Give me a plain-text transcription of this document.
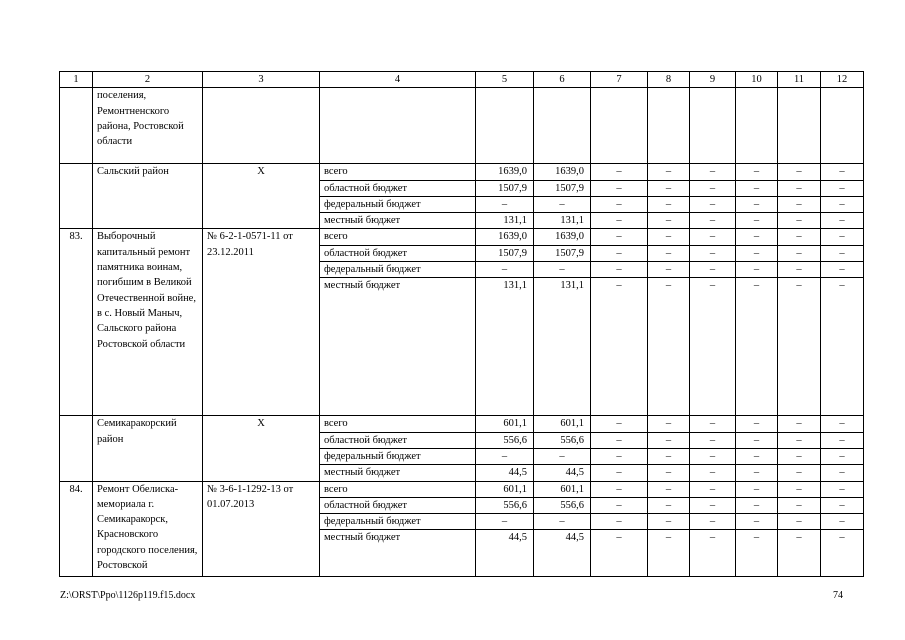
1	2	3	4	5	6	7	8	9	10	11	12
	поселения, Ремонтненского района, Ростовской области										
	Сальский район	Х	всего	1639,0	1639,0	–	–	–	–	–	–
			областной бюджет	1507,9	1507,9	–	–	–	–	–	–
			федеральный бюджет	–	–	–	–	–	–	–	–
			местный бюджет	131,1	131,1	–	–	–	–	–	–
83.	Выборочный капитальный ремонт памятника воинам, погибшим в Великой Отечественной войне, в с. Новый Маныч, Сальского района Ростовской области	№ 6-2-1-0571-11 от 23.12.2011	всего	1639,0	1639,0	–	–	–	–	–	–
			областной бюджет	1507,9	1507,9	–	–	–	–	–	–
			федеральный бюджет	–	–	–	–	–	–	–	–
			местный бюджет	131,1	131,1	–	–	–	–	–	–
	Семикаракорский район	Х	всего	601,1	601,1	–	–	–	–	–	–
			областной бюджет	556,6	556,6	–	–	–	–	–	–
			федеральный бюджет	–	–	–	–	–	–	–	–
			местный бюджет	44,5	44,5	–	–	–	–	–	–
84.	Ремонт Обелиска-мемориала г. Семикаракорск, Красновского городского поселения, Ростовской	№ 3-6-1-1292-13 от 01.07.2013	всего	601,1	601,1	–	–	–	–	–	–
			областной бюджет	556,6	556,6	–	–	–	–	–	–
			федеральный бюджет	–	–	–	–	–	–	–	–
			местный бюджет	44,5	44,5	–	–	–	–	–	–
Z:\ORST\Ppo\1126p119.f15.docx	74
